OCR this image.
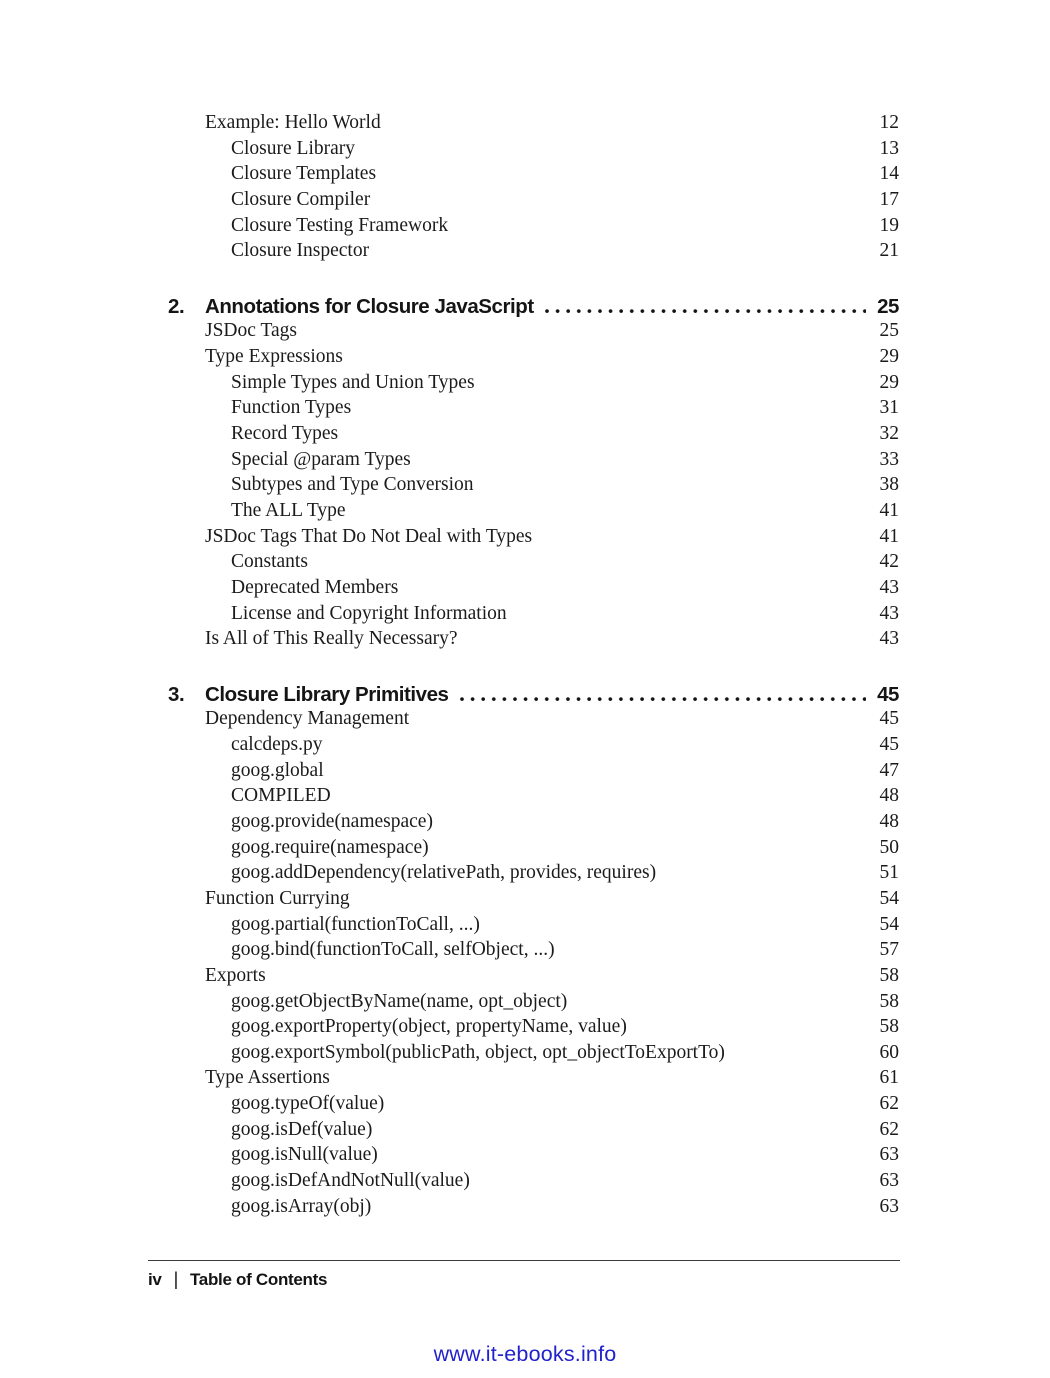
Example: Hello World	12
Closure Library	13
Closure Templates	14
Closure Compiler	17
Closure Testing Framework	19
Closure Inspector	21
2.	Annotations for Closure JavaScript	25
JSDoc Tags	25
Type Expressions	29
Simple Types and Union Types	29
Function Types	31
Record Types	32
Special @param Types	33
Subtypes and Type Conversion	38
The ALL Type	41
JSDoc Tags That Do Not Deal with Types	41
Constants	42
Deprecated Members	43
License and Copyright Information	43
Is All of This Really Necessary?	43
3.	Closure Library Primitives	45
Dependency Management	45
calcdeps.py	45
goog.global	47
COMPILED	48
goog.provide(namespace)	48
goog.require(namespace)	50
goog.addDependency(relativePath, provides, requires)	51
Function Currying	54
goog.partial(functionToCall, ...)	54
goog.bind(functionToCall, selfObject, ...)	57
Exports	58
goog.getObjectByName(name, opt_object)	58
goog.exportProperty(object, propertyName, value)	58
goog.exportSymbol(publicPath, object, opt_objectToExportTo)	60
Type Assertions	61
goog.typeOf(value)	62
goog.isDef(value)	62
goog.isNull(value)	63
goog.isDefAndNotNull(value)	63
goog.isArray(obj)	63
iv | Table of Contents
www.it-ebooks.info
